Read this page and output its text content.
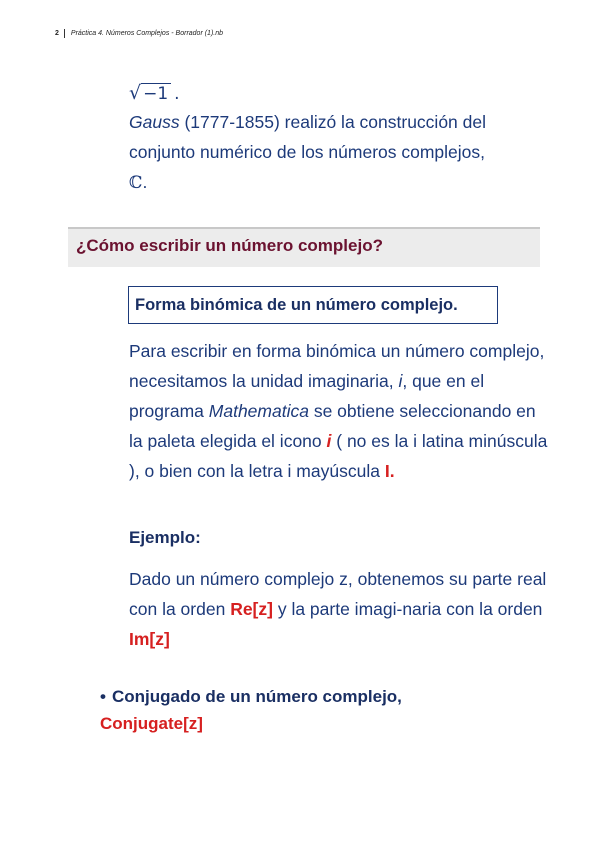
2 Práctica 4. Números Complejos - Borrador (1).nb
√ −1 .
Gauss (1777-1855) realizó la construcción del conjunto numérico de los números complejos,
ℂ.
¿Cómo escribir un número complejo?
Forma binómica de un número complejo.
Para escribir en forma binómica un número complejo, necesitamos la unidad imaginaria, i, que en el programa Mathematica se obtiene seleccionando en la paleta elegida el icono i ( no es la i latina minúscula ), o bien con la letra i mayúscula I.
Ejemplo:
Dado un número complejo z, obtenemos su parte real con la orden Re[z] y la parte imagi-naria con la orden Im[z]
• Conjugado de un número complejo,
Conjugate[z]
